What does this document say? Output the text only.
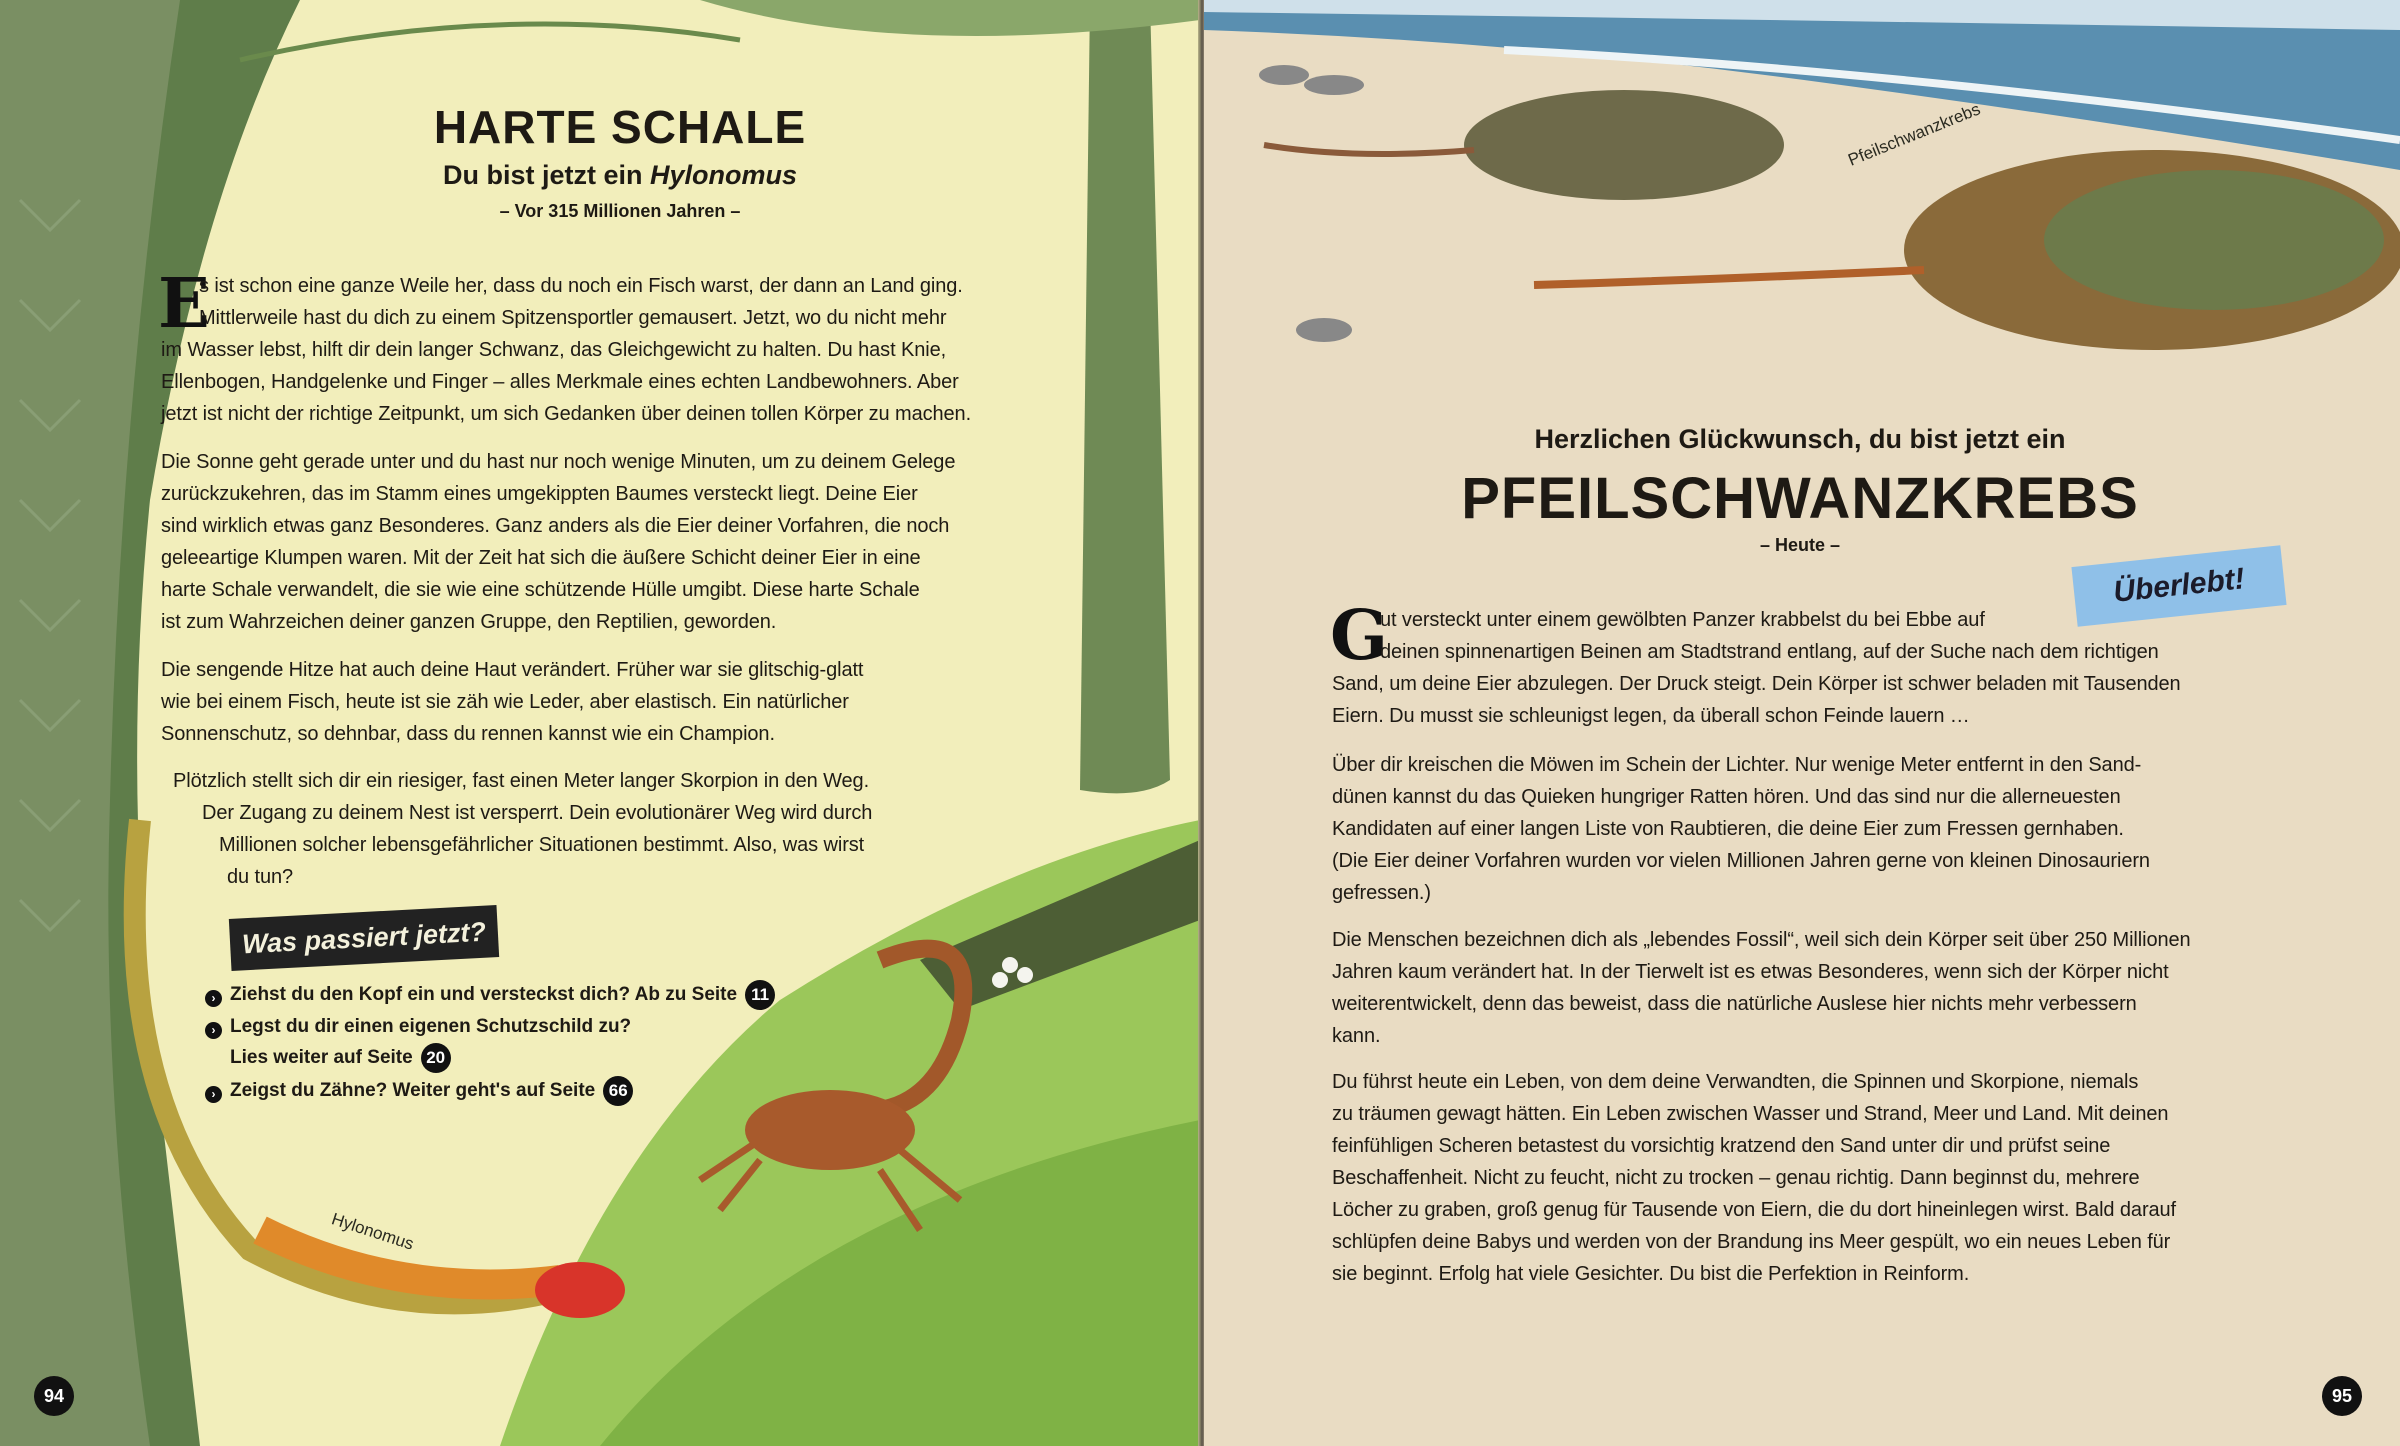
HARTE SCHALE
Du bist jetzt ein Hylonomus
– Vor 315 Millionen Jahren –
E
s ist schon eine ganze Weile her, dass du noch ein Fisch warst, der dann an Land ging.
Mittlerweile hast du dich zu einem Spitzensportler gemausert. Jetzt, wo du nicht mehr
im Wasser lebst, hilft dir dein langer Schwanz, das Gleichgewicht zu halten. Du hast Knie,
Ellenbogen, Handgelenke und Finger – alles Merkmale eines echten Landbewohners. Aber
jetzt ist nicht der richtige Zeitpunkt, um sich Gedanken über deinen tollen Körper zu machen.
Die Sonne geht gerade unter und du hast nur noch wenige Minuten, um zu deinem Gelege
zurückzukehren, das im Stamm eines umgekippten Baumes versteckt liegt. Deine Eier
sind wirklich etwas ganz Besonderes. Ganz anders als die Eier deiner Vorfahren, die noch
geleeartige Klumpen waren. Mit der Zeit hat sich die äußere Schicht deiner Eier in eine
harte Schale verwandelt, die sie wie eine schützende Hülle umgibt. Diese harte Schale
ist zum Wahrzeichen deiner ganzen Gruppe, den Reptilien, geworden.
Die sengende Hitze hat auch deine Haut verändert. Früher war sie glitschig-glatt
wie bei einem Fisch, heute ist sie zäh wie Leder, aber elastisch. Ein natürlicher
Sonnenschutz, so dehnbar, dass du rennen kannst wie ein Champion.
Plötzlich stellt sich dir ein riesiger, fast einen Meter langer Skorpion in den Weg.
Der Zugang zu deinem Nest ist versperrt. Dein evolutionärer Weg wird durch
Millionen solcher lebensgefährlicher Situationen bestimmt. Also, was wirst
du tun?
Was passiert jetzt?
› Ziehst du den Kopf ein und versteckst dich? Ab zu Seite 11
› Legst du dir einen eigenen Schutzschild zu?
Lies weiter auf Seite 20
› Zeigst du Zähne? Weiter geht's auf Seite 66
Hylonomus
94
Pfeilschwanzkrebs
Herzlichen Glückwunsch, du bist jetzt ein
PFEILSCHWANZKREBS
– Heute –
Überlebt!
G
ut versteckt unter einem gewölbten Panzer krabbelst du bei Ebbe auf
deinen spinnenartigen Beinen am Stadtstrand entlang, auf der Suche nach dem richtigen
Sand, um deine Eier abzulegen. Der Druck steigt. Dein Körper ist schwer beladen mit Tausenden
Eiern. Du musst sie schleunigst legen, da überall schon Feinde lauern …
Über dir kreischen die Möwen im Schein der Lichter. Nur wenige Meter entfernt in den Sand-
dünen kannst du das Quieken hungriger Ratten hören. Und das sind nur die allerneuesten
Kandidaten auf einer langen Liste von Raubtieren, die deine Eier zum Fressen gernhaben.
(Die Eier deiner Vorfahren wurden vor vielen Millionen Jahren gerne von kleinen Dinosauriern
gefressen.)
Die Menschen bezeichnen dich als „lebendes Fossil“, weil sich dein Körper seit über 250 Millionen
Jahren kaum verändert hat. In der Tierwelt ist es etwas Besonderes, wenn sich der Körper nicht
weiterentwickelt, denn das beweist, dass die natürliche Auslese hier nichts mehr verbessern
kann.
Du führst heute ein Leben, von dem deine Verwandten, die Spinnen und Skorpione, niemals
zu träumen gewagt hätten. Ein Leben zwischen Wasser und Strand, Meer und Land. Mit deinen
feinfühligen Scheren betastest du vorsichtig kratzend den Sand unter dir und prüfst seine
Beschaffenheit. Nicht zu feucht, nicht zu trocken – genau richtig. Dann beginnst du, mehrere
Löcher zu graben, groß genug für Tausende von Eiern, die du dort hineinlegen wirst. Bald darauf
schlüpfen deine Babys und werden von der Brandung ins Meer gespült, wo ein neues Leben für
sie beginnt. Erfolg hat viele Gesichter. Du bist die Perfektion in Reinform.
95
